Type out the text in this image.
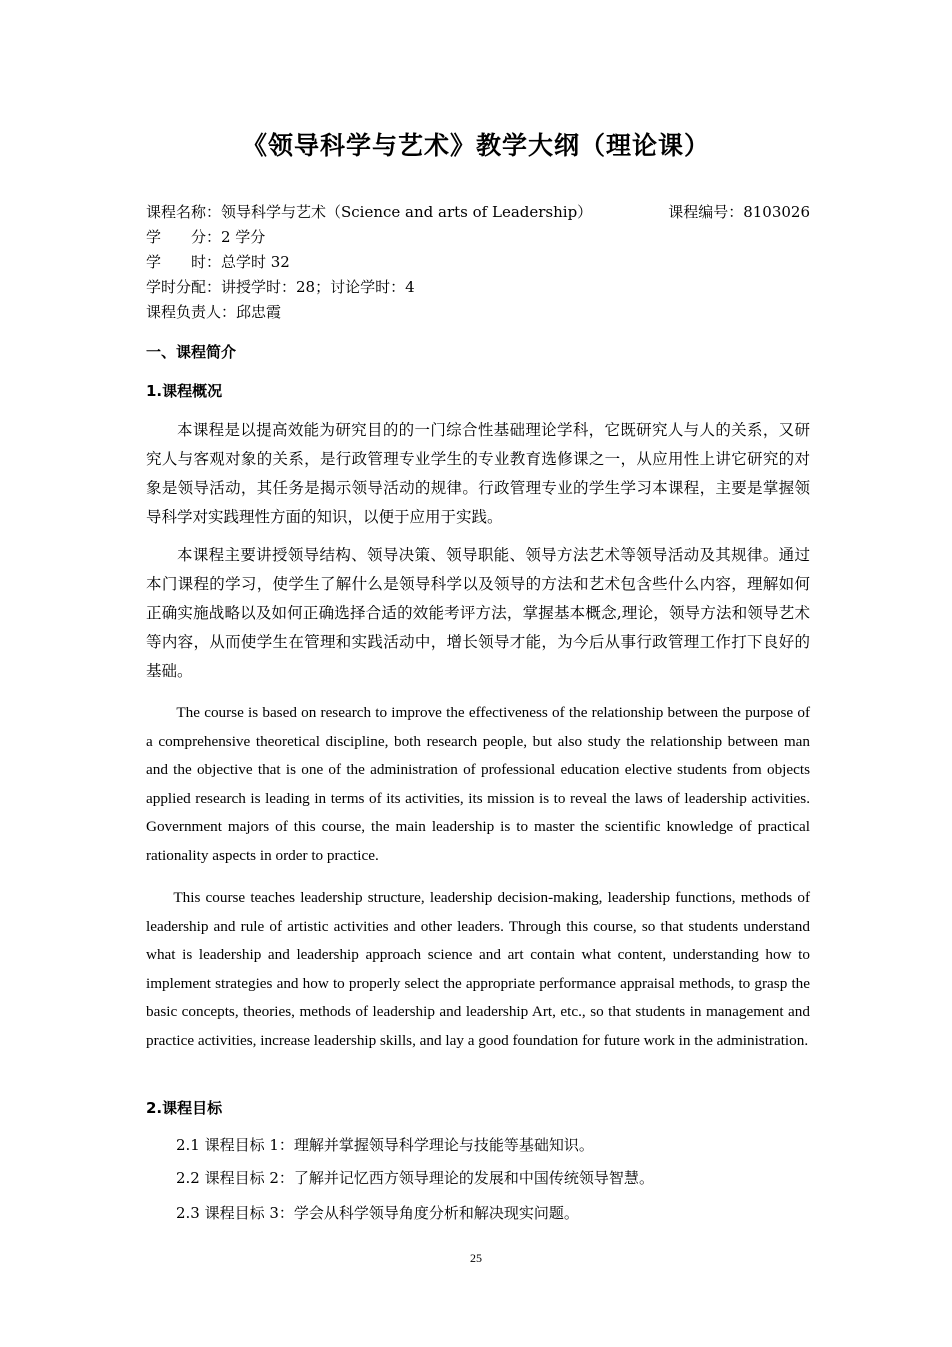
《领导科学与艺术》教学大纲（理论课）
课程名称：领导科学与艺术（Science and arts of Leadership）	课程编号：8103026
学　　分：2 学分
学　　时：总学时 32
学时分配：讲授学时：28；讨论学时：4
课程负责人：邱忠霞
一、课程简介
1.课程概况

本课程是以提高效能为研究目的的一门综合性基础理论学科，它既研究人与人的关系，又研究人与客观对象的关系，是行政管理专业学生的专业教育选修课之一，从应用性上讲它研究的对象是领导活动，其任务是揭示领导活动的规律。行政管理专业的学生学习本课程，主要是掌握领导科学对实践理性方面的知识，以便于应用于实践。

本课程主要讲授领导结构、领导决策、领导职能、领导方法艺术等领导活动及其规律。通过本门课程的学习，使学生了解什么是领导科学以及领导的方法和艺术包含些什么内容，理解如何正确实施战略以及如何正确选择合适的效能考评方法，掌握基本概念,理论，领导方法和领导艺术等内容，从而使学生在管理和实践活动中，增长领导才能，为今后从事行政管理工作打下良好的基础。

The course is based on research to improve the effectiveness of the relationship between the purpose of a comprehensive theoretical discipline, both research people, but also study the relationship between man and the objective that is one of the administration of professional education elective students from objects applied research is leading in terms of its activities, its mission is to reveal the laws of leadership activities. Government majors of this course, the main leadership is to master the scientific knowledge of practical rationality aspects in order to practice.

This course teaches leadership structure, leadership decision-making, leadership functions, methods of leadership and rule of artistic activities and other leaders. Through this course, so that students understand what is leadership and leadership approach science and art contain what content, understanding how to implement strategies and how to properly select the appropriate performance appraisal methods, to grasp the basic concepts, theories, methods of leadership and leadership Art, etc., so that students in management and practice activities, increase leadership skills, and lay a good foundation for future work in the administration.

2.课程目标
2.1 课程目标 1：理解并掌握领导科学理论与技能等基础知识。
2.2 课程目标 2：了解并记忆西方领导理论的发展和中国传统领导智慧。
2.3 课程目标 3：学会从科学领导角度分析和解决现实问题。
25
